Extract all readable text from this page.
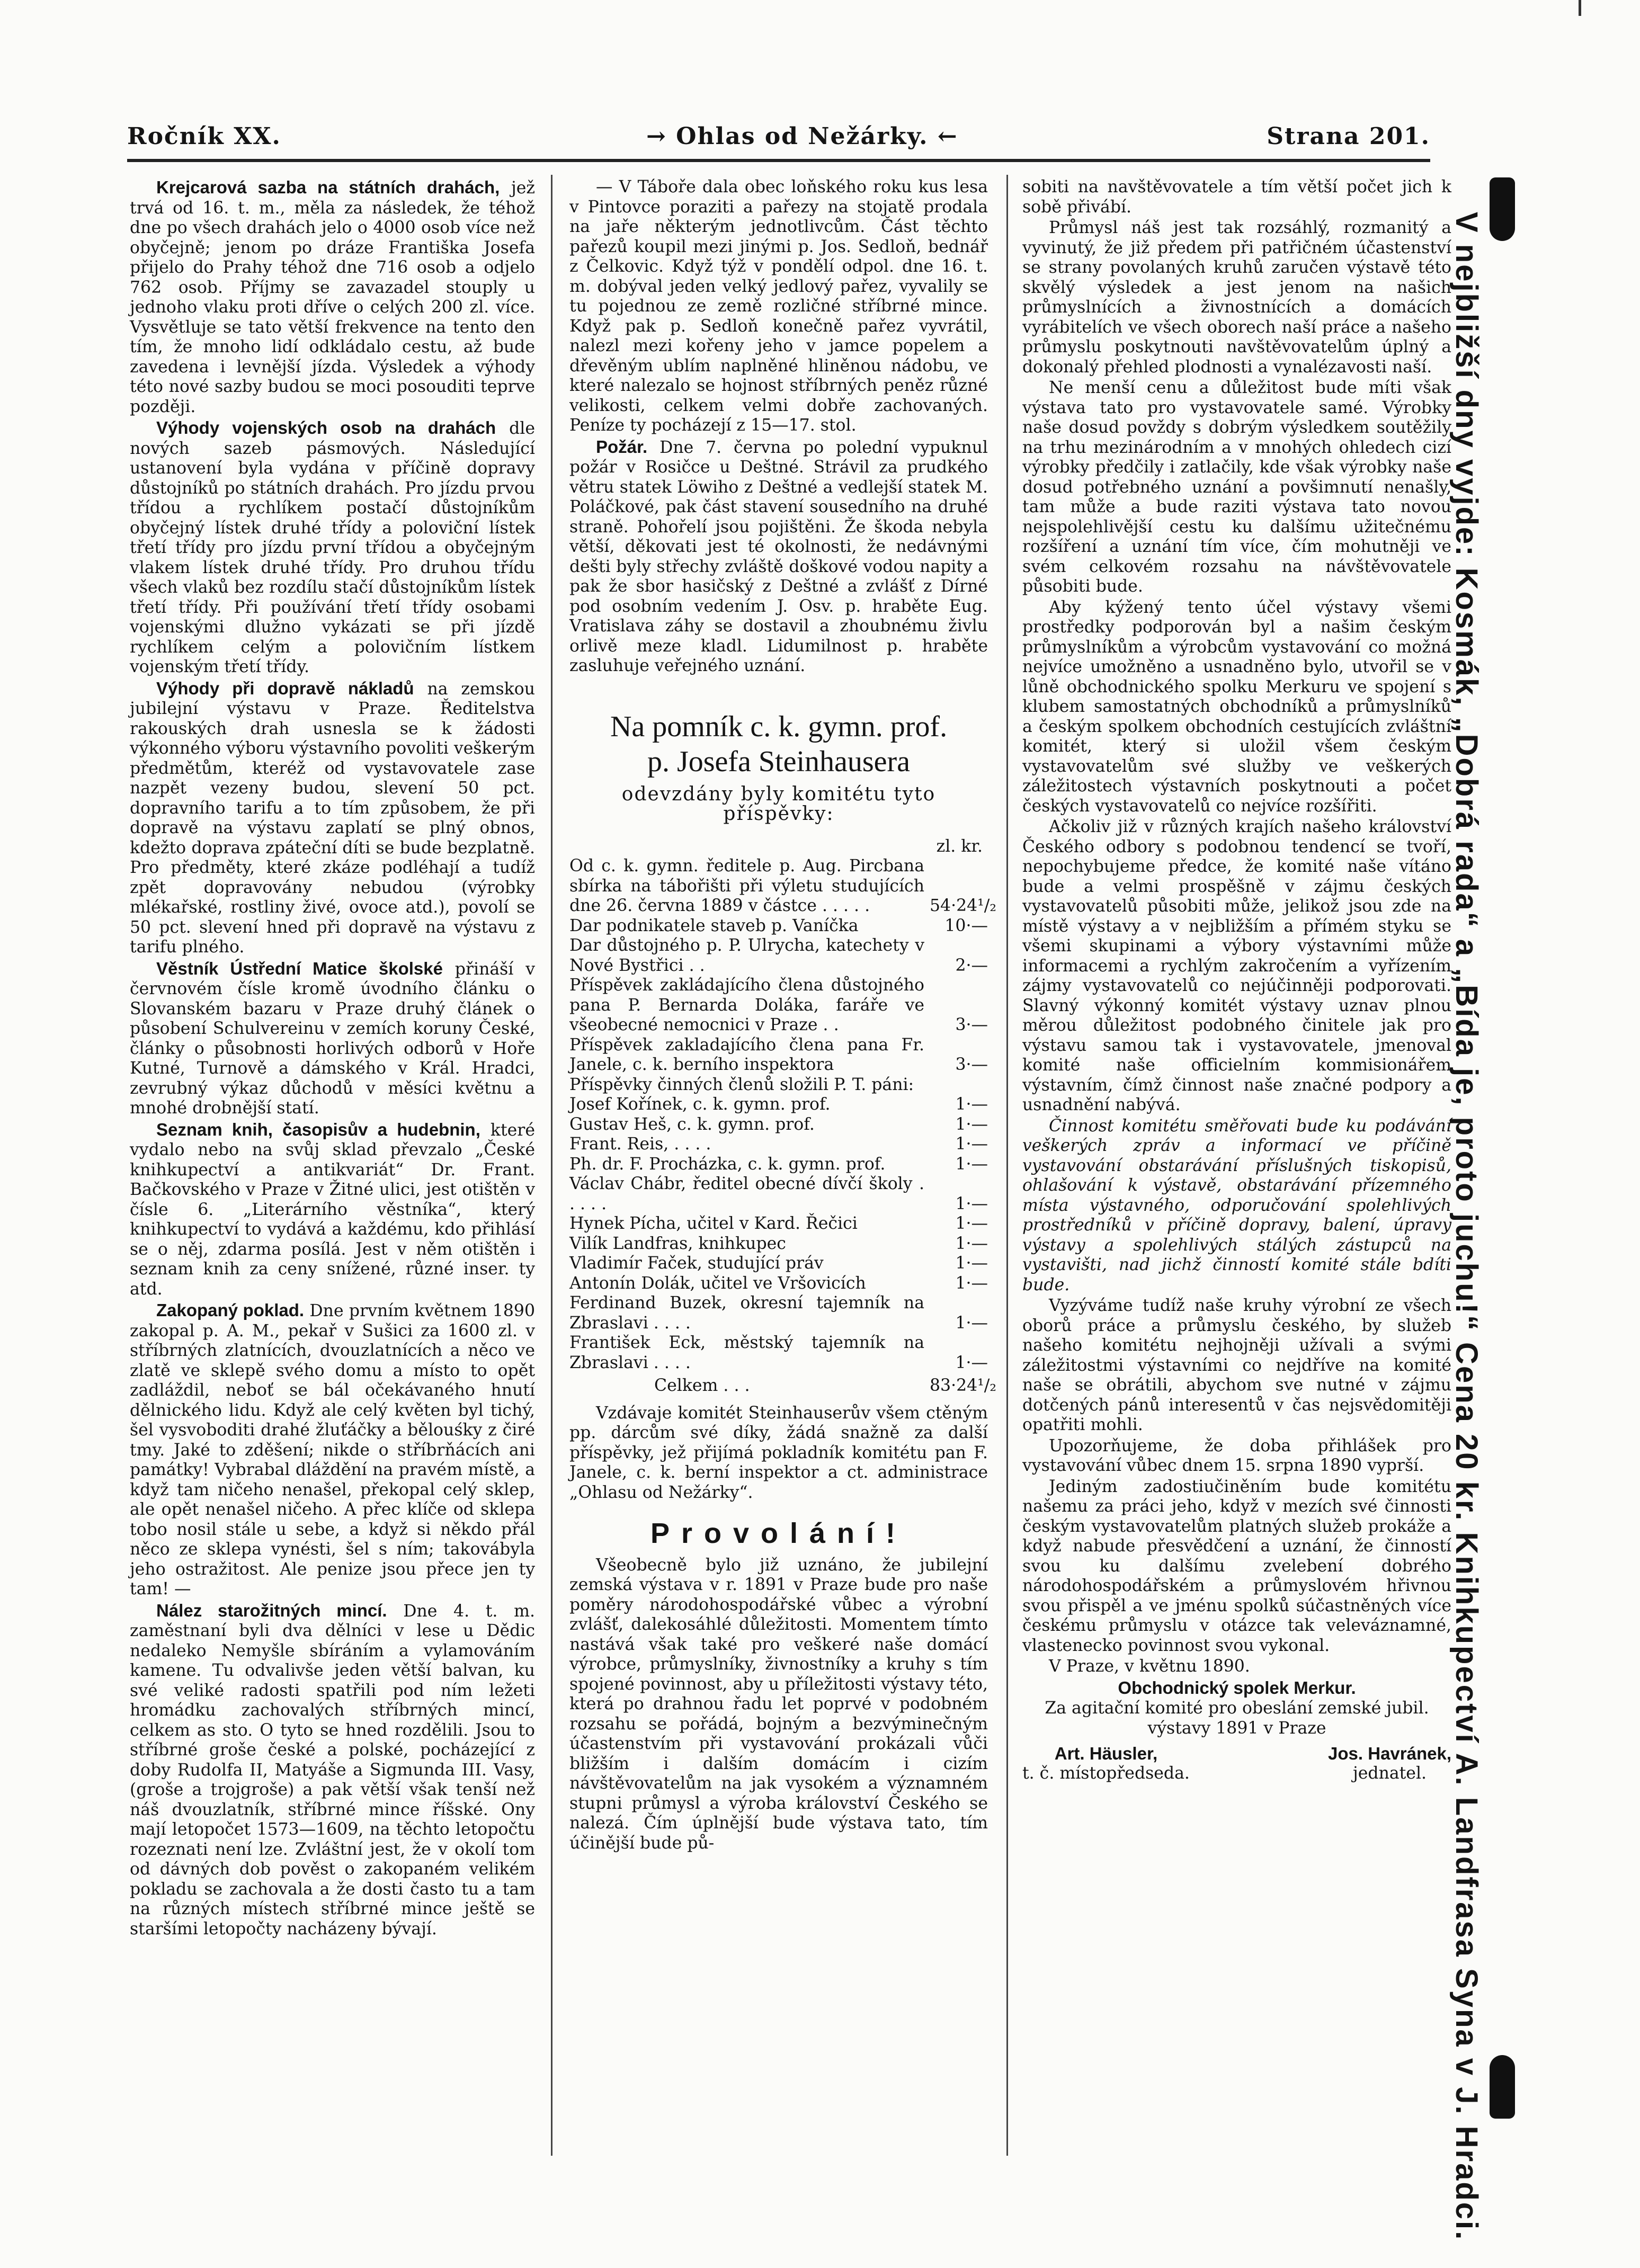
Ročník XX.	→ Ohlas od Nežárky. ←	Strana 201.

Krejcarová sazba na státních drahách, jež trvá od 16. t. m., měla za následek, že téhož dne po všech drahách jelo o 4000 osob více než obyčejně; jenom po dráze Františka Josefa přijelo do Prahy téhož dne 716 osob a odjelo 762 osob. Příjmy se zavazadel stouply u jednoho vlaku proti dříve o celých 200 zl. více. Vysvětluje se tato větší frekvence na tento den tím, že mnoho lidí odkládalo cestu, až bude zavedena i levnější jízda. Výsledek a výhody této nové sazby budou se moci posouditi teprve později.

Výhody vojenských osob na drahách dle nových sazeb pásmových. Následující ustanovení byla vydána v příčině dopravy důstojníků po státních drahách. Pro jízdu prvou třídou a rychlíkem postačí důstojníkům obyčejný lístek druhé třídy a poloviční lístek třetí třídy pro jízdu první třídou a obyčejným vlakem lístek druhé třídy. Pro druhou třídu všech vlaků bez rozdílu stačí důstojníkům lístek třetí třídy. Při používání třetí třídy osobami vojenskými dlužno vykázati se při jízdě rychlíkem celým a polovičním lístkem vojenským třetí třídy.

Výhody při dopravě nákladů na zemskou jubilejní výstavu v Praze. Ředitelstva rakouských drah usnesla se k žádosti výkonného výboru výstavního povoliti veškerým předmětům, kteréž od vystavovatele zase nazpět vezeny budou, slevení 50 pct. dopravního tarifu a to tím způsobem, že při dopravě na výstavu zaplatí se plný obnos, kdežto doprava zpáteční díti se bude bezplatně. Pro předměty, které zkáze podléhají a tudíž zpět dopravovány nebudou (výrobky mlékařské, rostliny živé, ovoce atd.), povolí se 50 pct. slevení hned při dopravě na výstavu z tarifu plného.

Věstník Ústřední Matice školské přináší v červnovém čísle kromě úvodního článku o Slovanském bazaru v Praze druhý článek o působení Schulvereinu v zemích koruny České, články o působnosti horlivých odborů v Hoře Kutné, Turnově a dámského v Král. Hradci, zevrubný výkaz důchodů v měsíci květnu a mnohé drobnější statí.

Seznam knih, časopisův a hudebnin, které vydalo nebo na svůj sklad převzalo „České knihkupectví a antikvariát“ Dr. Frant. Bačkovského v Praze v Žitné ulici, jest otištěn v čísle 6. „Literárního věstníka“, který knihkupectví to vydává a každému, kdo přihlásí se o něj, zdarma posílá. Jest v něm otištěn i seznam knih za ceny snížené, různé inser. ty atd.

Zakopaný poklad. Dne prvním květnem 1890 zakopal p. A. M., pekař v Sušici za 1600 zl. v stříbrných zlatnících, dvouzlatnících a něco ve zlatě ve sklepě svého domu a místo to opět zadláždil, neboť se bál očekávaného hnutí dělnického lidu. Když ale celý květen byl tichý, šel vysvoboditi drahé žluťáčky a bělouśky z čiré tmy. Jaké to zděšení; nikde o stříbrňácích ani památky! Vybrabal dláždění na pravém místě, a když tam ničeho nenašel, překopal celý sklep, ale opět nenašel ničeho. A přec klíče od sklepa tobo nosil stále u sebe, a když si někdo přál něco ze sklepa vynésti, šel s ním; takovábyla jeho ostražitost. Ale penize jsou přece jen ty tam! —

Nález starožitných mincí. Dne 4. t. m. zaměstnaní byli dva dělníci v lese u Dědic nedaleko Nemyšle sbíráním a vylamováním kamene. Tu odvalivše jeden větší balvan, ku své veliké radosti spatřili pod ním ležeti hromádku zachovalých stříbrných mincí, celkem as sto. O tyto se hned rozdělili. Jsou to stříbrné groše české a polské, pocházející z doby Rudolfa II, Matyáše a Sigmunda III. Vasy, (groše a trojgroše) a pak větší však tenší než náš dvouzlatník, stříbrné mince říšské. Ony mají letopočet 1573—1609, na těchto letopočtu rozeznati není lze. Zvláštní jest, že v okolí tom od dávných dob pověst o zakopaném velikém pokladu se zachovala a že dosti často tu a tam na různých místech stříbrné mince ještě se staršími letopočty nacházeny bývají.

— V Táboře dala obec loňského roku kus lesa v Pintovce poraziti a pařezy na stojatě prodala na jaře některým jednotlivcům. Část těchto pařezů koupil mezi jinými p. Jos. Sedloň, bednář z Čelkovic. Když týž v pondělí odpol. dne 16. t. m. dobýval jeden velký jedlový pařez, vyvalily se tu pojednou ze země rozličné stříbrné mince. Když pak p. Sedloň konečně pařez vyvrátil, nalezl mezi kořeny jeho v jamce popelem a dřevěným ublím naplněné hliněnou nádobu, ve které nalezalo se hojnost stříbrných peněz různé velikosti, celkem velmi dobře zachovaných. Peníze ty pocházejí z 15—17. stol.

Požár. Dne 7. června po polední vypuknul požár v Rosičce u Deštné. Strávil za prudkého větru statek Löwiho z Deštné a vedlejší statek M. Poláčkové, pak část stavení sousedního na druhé straně. Pohořelí jsou pojištěni. Že škoda nebyla větší, děkovati jest té okolnosti, že nedávnými dešti byly střechy zvláště doškové vodou napity a pak že sbor hasičský z Deštné a zvlášť z Dírné pod osobním vedením J. Osv. p. hraběte Eug. Vratislava záhy se dostavil a zhoubnému živlu orlivě meze kladl. Lidumilnost p. hraběte zasluhuje veřejného uznání.

Na pomník c. k. gymn. prof.

p. Josefa Steinhausera

odevzdány byly komitétu tyto příspěvky:

zl. kr.
Od c. k. gymn. ředitele p. Aug. Pircbana sbírka na tábořišti při výletu studujících dne 26. června 1889 v částce . . . . .	54·24¹/₂
Dar podnikatele staveb p. Vaníčka	10·—
Dar důstojného p. P. Ulrycha, katechety v Nové Bystřici . .	2·—
Příspěvek zakládajícího člena důstojného pana P. Bernarda Doláka, faráře ve všeobecné nemocnici v Praze . .	3·—
Příspěvek zakladajícího člena pana Fr. Janele, c. k. berního inspektora	3·—
Příspěvky činných členů složili P. T. páni:
Josef Kořínek, c. k. gymn. prof.	1·—
Gustav Heš, c. k. gymn. prof.	1·—
Frant. Reis, . . . .	1·—
Ph. dr. F. Procházka, c. k. gymn. prof.	1·—
Václav Chábr, ředitel obecné dívčí školy . . . . .	1·—
Hynek Pícha, učitel v Kard. Řečici	1·—
Vilík Landfras, knihkupec	1·—
Vladimír Faček, studující práv	1·—
Antonín Dolák, učitel ve Vršovicích	1·—
Ferdinand Buzek, okresní tajemník na Zbraslavi . . . .	1·—
František Eck, městský tajemník na Zbraslavi . . . .	1·—
Celkem . . .	83·24¹/₂

Vzdávaje komitét Steinhauserův všem ctěným pp. dárcům své díky, žádá snažně za další příspěvky, jež přijímá pokladník komitétu pan F. Janele, c. k. berní inspektor a ct. administrace „Ohlasu od Nežárky“.

Provolání!

Všeobecně bylo již uznáno, že jubilejní zemská výstava v r. 1891 v Praze bude pro naše poměry národohospodářské vůbec a výrobní zvlášť, dalekosáhlé důležitosti. Momentem tímto nastává však také pro veškeré naše domácí výrobce, průmyslníky, živnostníky a kruhy s tím spojené povinnost, aby u příležitosti výstavy této, která po drahnou řadu let poprvé v podobném rozsahu se pořádá, bojným a bezvýminečným účastenstvím při vystavování prokázali vůči bližším i dalším domácím i cizím návštěvovatelům na jak vysokém a významném stupni průmysl a výroba království Českého se nalezá. Čím úplnější bude výstava tato, tím účinější bude pů-

sobiti na navštěvovatele a tím větší počet jich k sobě přivábí.

Průmysl náš jest tak rozsáhlý, rozmanitý a vyvinutý, že již předem při patřičném účastenství se strany povolaných kruhů zaručen výstavě této skvělý výsledek a jest jenom na našich průmyslnících a živnostnících a domácích vyrábitelích ve všech oborech naší práce a našeho průmyslu poskytnouti navštěvovatelům úplný a dokonalý přehled plodnosti a vynalézavosti naší.

Ne menší cenu a důležitost bude míti však výstava tato pro vystavovatele samé. Výrobky naše dosud povždy s dobrým výsledkem soutěžily na trhu mezinárodním a v mnohých ohledech cizí výrobky předčily i zatlačily, kde však výrobky naše dosud potřebného uznání a povšimnutí nenašly, tam může a bude raziti výstava tato novou nejspolehlivější cestu ku dalšímu užitečnému rozšíření a uznání tím více, čím mohutněji ve svém celkovém rozsahu na návštěvovatele působiti bude.

Aby kýžený tento účel výstavy všemi prostředky podporován byl a našim českým průmyslníkům a výrobcům vystavování co možná nejvíce umožněno a usnadněno bylo, utvořil se v lůně obchodnického spolku Merkuru ve spojení s klubem samostatných obchodníků a průmyslníků a českým spolkem obchodních cestujících zvláštní komitét, který si uložil všem českým vystavovatelům své služby ve veškerých záležitostech výstavních poskytnouti a počet českých vystavovatelů co nejvíce rozšířiti.

Ačkoliv již v různých krajích našeho království Českého odbory s podobnou tendencí se tvoří, nepochybujeme předce, že komité naše vítáno bude a velmi prospěšně v zájmu českých vystavovatelů působiti může, jelikož jsou zde na místě výstavy a v nejbližším a přímém styku se všemi skupinami a výbory výstavními může informacemi a rychlým zakročením a vyřízením zájmy vystavovatelů co nejúčinněji podporovati. Slavný výkonný komitét výstavy uznav plnou měrou důležitost podobného činitele jak pro výstavu samou tak i vystavovatele, jmenoval komité naše officielním kommisionářem výstavním, čímž činnost naše značné podpory a usnadnění nabývá.

Činnost komitétu směřovati bude ku podávání veškerých zpráv a informací ve příčině vystavování obstarávání příslušných tiskopisů, ohlašování k výstavě, obstarávání přízemného místa výstavného, odporučování spolehlivých prostředníků v příčině dopravy, balení, úpravy výstavy a spolehlivých stálých zástupců na vystavišti, nad jichž činností komité stále bdíti bude.

Vyzýváme tudíž naše kruhy výrobní ze všech oborů práce a průmyslu českého, by služeb našeho komitétu nejhojněji užívali a svými záležitostmi výstavními co nejdříve na komité naše se obrátili, abychom sve nutné v zájmu dotčených pánů interesentů v čas nejsvědomitěji opatřiti mohli.

Upozorňujeme, že doba přihlášek pro vystavování vůbec dnem 15. srpna 1890 vyprší.

Jediným zadostiučiněním bude komitétu našemu za práci jeho, když v mezích své činnosti českým vystavovatelům platných služeb prokáže a když nabude přesvědčení a uznání, že činností svou ku dalšímu zvelebení dobrého národohospodářském a průmyslovém hřivnou svou přispěl a ve jménu spolků súčastněných více českému průmyslu v otázce tak veleváznamné, vlastenecko povinnost svou vykonal.

V Praze, v květnu 1890.

Obchodnický spolek Merkur.

Za agitační komité pro obeslání zemské jubil. výstavy 1891 v Praze

Art. Häusler,
t. č. místopředseda.
Jos. Havránek,
jednatel. V nejbližší dny vyjde: Kosmák, „Dobrá rada“ a „Bída je, proto juchu!“ Cena 20 kr. Knihkupectví A. Landfrasa Syna v J. Hradci.
